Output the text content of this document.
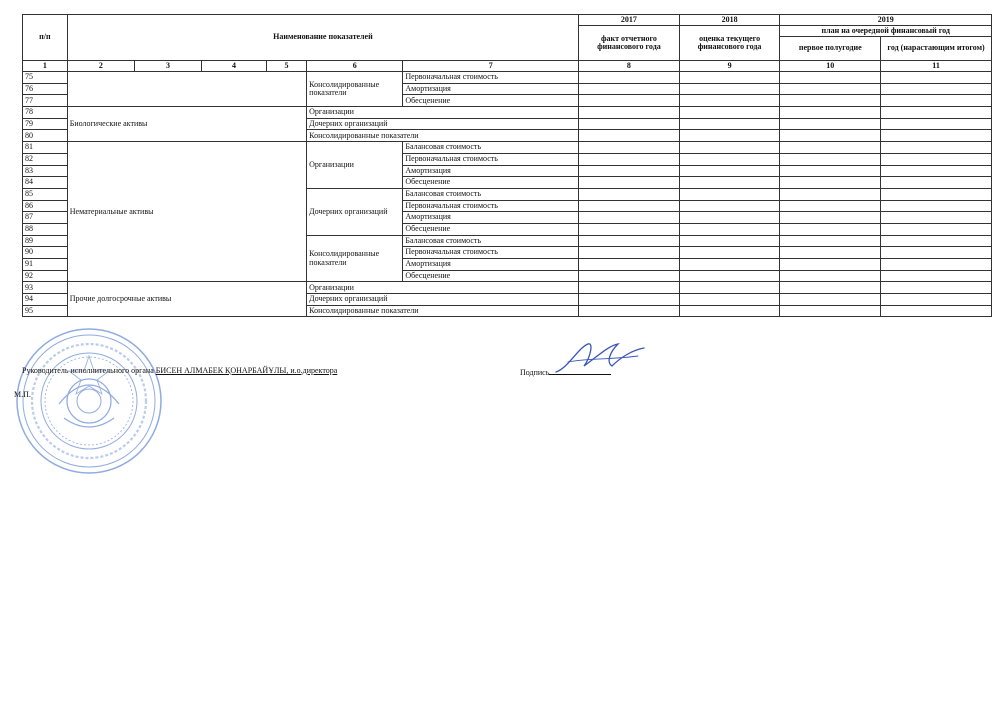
п/п	Наименование показателей						2017	2018	2019	
							факт отчетного финансового года	оценка текущего финансового года	план на очередной финансовый год	
									первое полугодие	год (нарастающим итогом)
1	2	3	4	5	6	7	8	9	10	11
75					Консолидированные показатели	Первоначальная стоимость				
76						Амортизация				
77						Обесценение				
78	Биологические активы				Организации					
79					Дочерних организаций					
80					Консолидированные показатели					
81	Нематериальные активы				Организации	Балансовая стоимость				
82						Первоначальная стоимость				
83						Амортизация				
84						Обесценение				
85					Дочерних организаций	Балансовая стоимость				
86						Первоначальная стоимость				
87						Амортизация				
88						Обесценение				
89					Консолидированные показатели	Балансовая стоимость				
90						Первоначальная стоимость				
91						Амортизация				
92						Обесценение				
93	Прочие долгосрочные активы				Организации					
94					Дочерних организаций					
95					Консолидированные показатели					
Руководитель исполнительного органа БИСЕН АЛМАБЕК ҚОНАРБАЙҰЛЫ, и.о.директора	Подпись
М.П.
